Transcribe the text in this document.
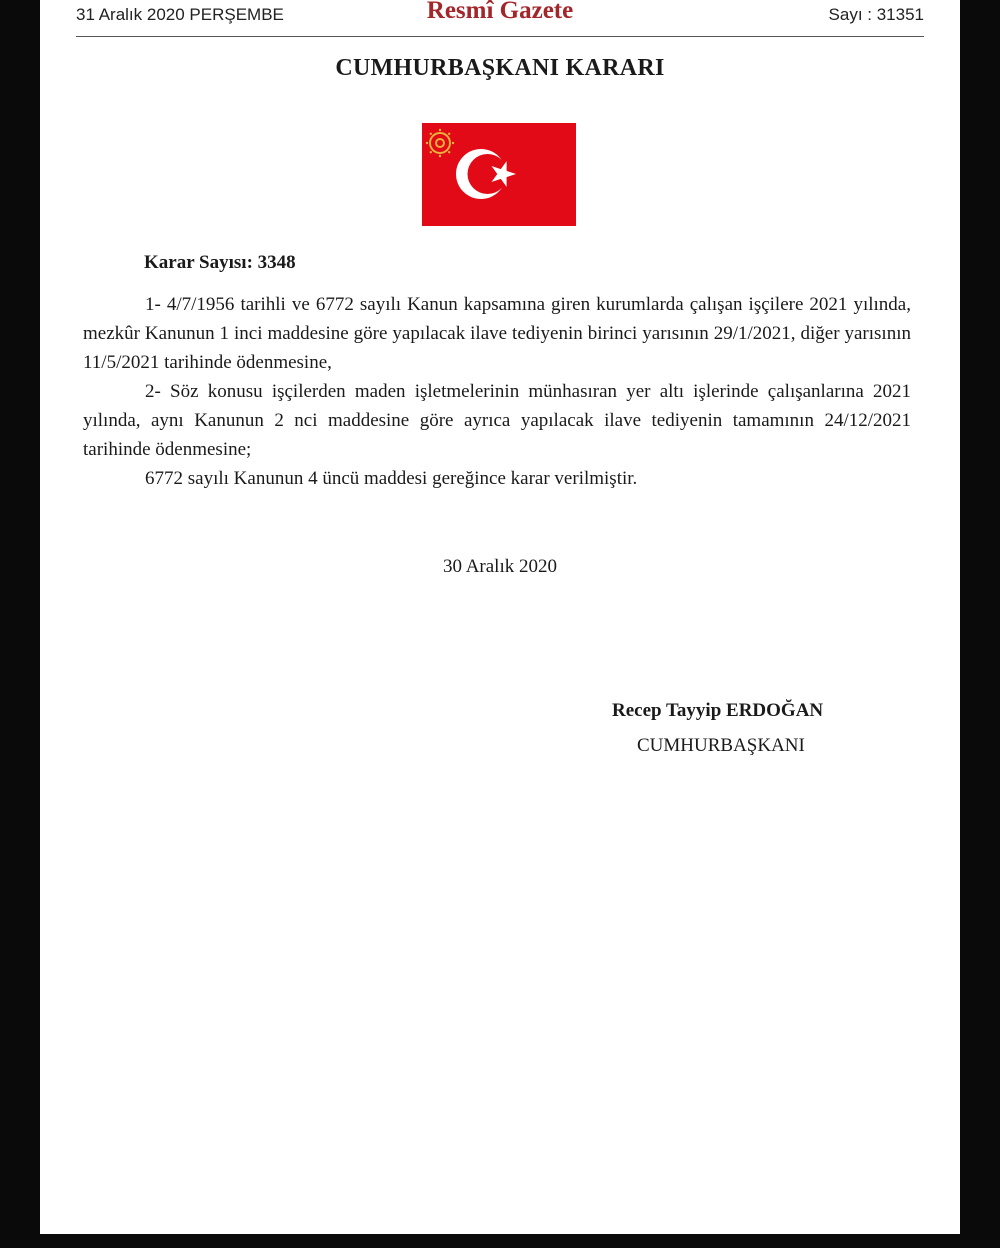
31 Aralık 2020 PERŞEMBE	Resmî Gazete	Sayı : 31351
CUMHURBAŞKANI KARARI
Karar Sayısı: 3348

1- 4/7/1956 tarihli ve 6772 sayılı Kanun kapsamına giren kurumlarda çalışan işçilere 2021 yılında, mezkûr Kanunun 1 inci maddesine göre yapılacak ilave tediyenin birinci yarısının 29/1/2021, diğer yarısının 11/5/2021 tarihinde ödenmesine,

2- Söz konusu işçilerden maden işletmelerinin münhasıran yer altı işlerinde çalışanlarına 2021 yılında, aynı Kanunun 2 nci maddesine göre ayrıca yapılacak ilave tediyenin tamamının 24/12/2021 tarihinde ödenmesine;

6772 sayılı Kanunun 4 üncü maddesi gereğince karar verilmiştir.

30 Aralık 2020
Recep Tayyip ERDOĞAN
CUMHURBAŞKANI
